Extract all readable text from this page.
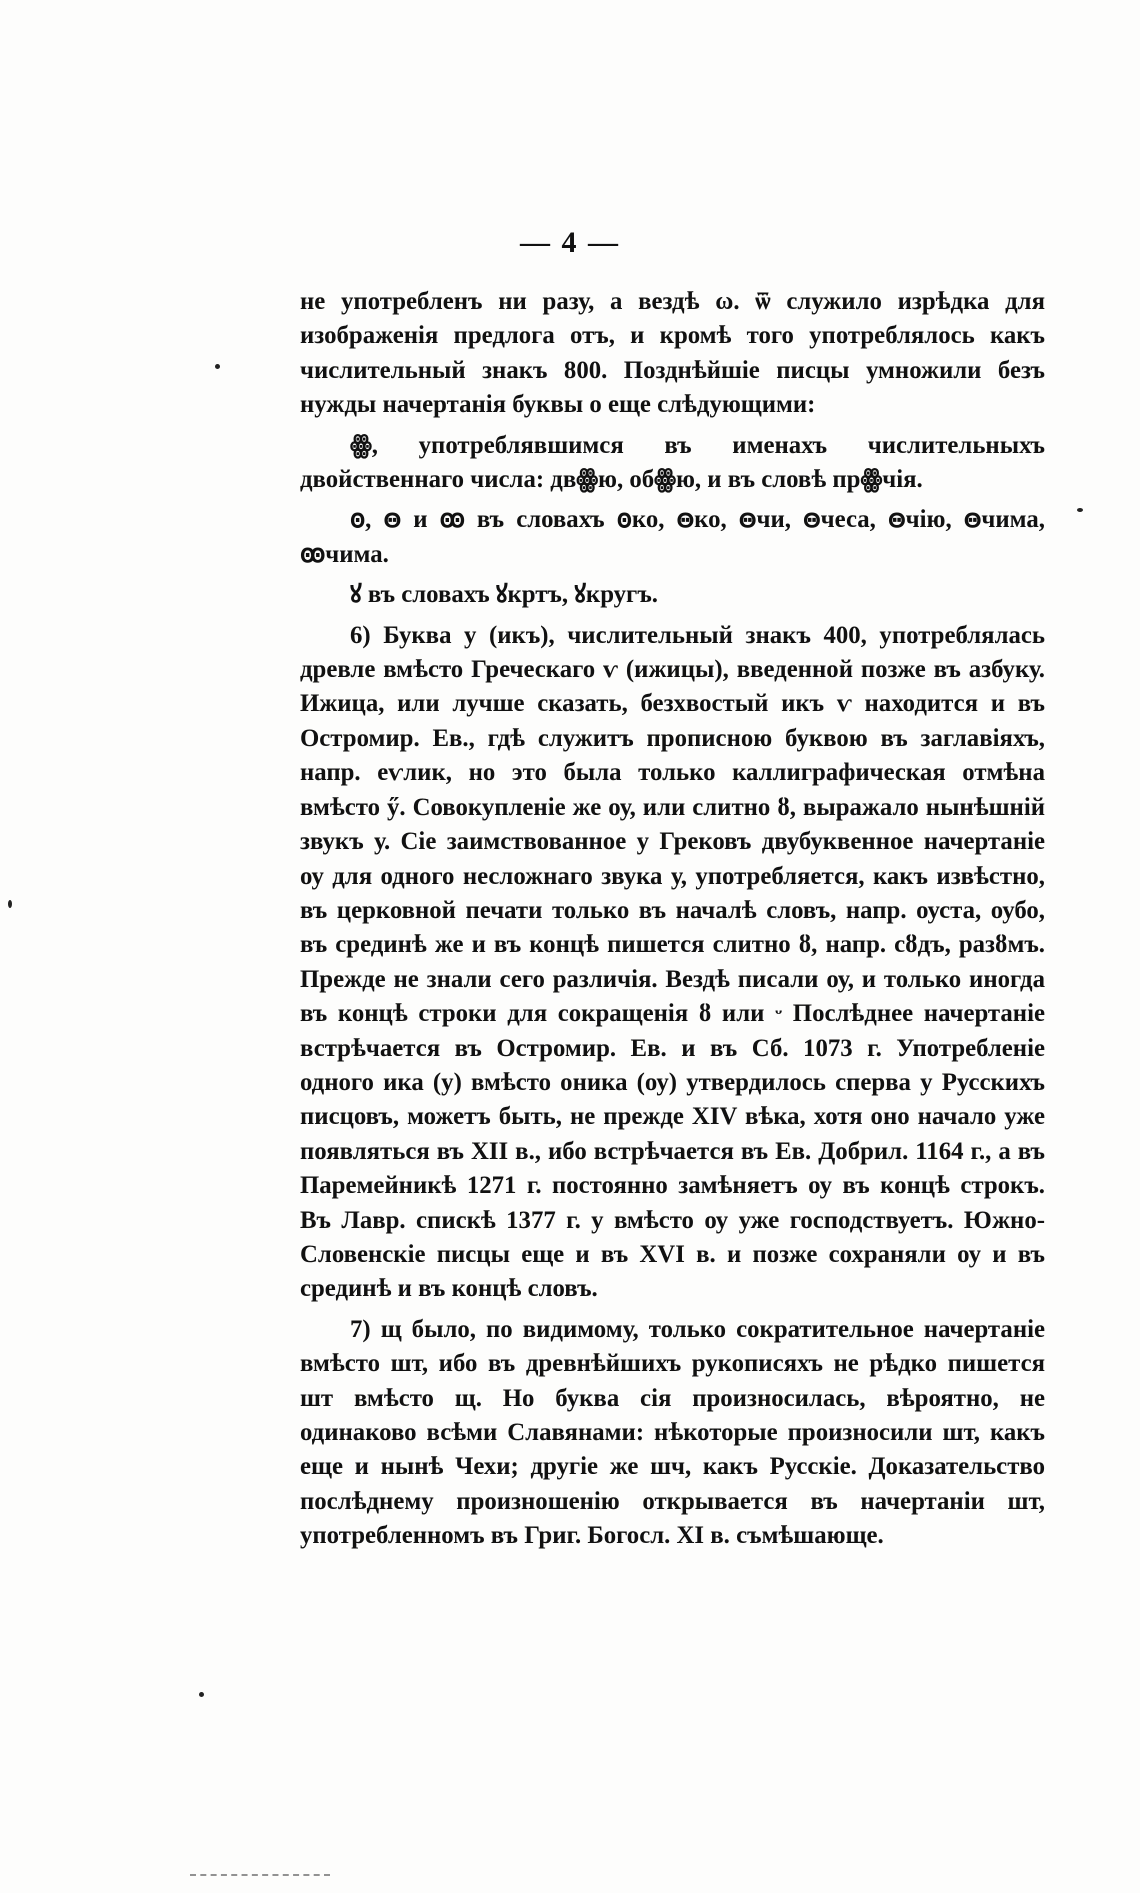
— 4 —

не употребленъ ни разу, а вездѣ ω. ѿ служило изрѣдка для изображенія предлога отъ, и кромѣ того употреблялось какъ числительный знакъ 800. Позднѣйшіе писцы умножили безъ нужды начертанія буквы о еще слѣдующими:

ꙮ, употреблявшимся въ именахъ числительныхъ двойственнаго числа: двꙮю, обꙮю, и въ словѣ прꙮчія.

ꙩ, ꙫ и ꙭ въ словахъ ꙩко, ꙫко, ꙫчи, ꙫчеса, ꙫчію, ꙫчима, ꙭчима.

ꙋ въ словахъ ꙋкртъ, ꙋкругъ.

6) Буква у (икъ), числительный знакъ 400, употреблялась древле вмѣсто Греческаго ѵ (ижицы), введенной позже въ азбуку. Ижица, или лучше сказать, безхвостый икъ ѵ находится и въ Остромир. Ев., гдѣ служитъ прописною буквою въ заглавіяхъ, напр. еѵлик, но это была только каллиграфическая отмѣна вмѣсто ӳ. Совокупленіе же оу, или слитно ȣ, выражало нынѣшній звукъ у. Сіе заимствованное у Грековъ двубуквенное начертаніе оу для одного несложнаго звука у, употребляется, какъ извѣстно, въ церковной печати только въ началѣ словъ, напр. оуста, оубо, въ срединѣ же и въ концѣ пишется слитно ȣ, напр. сȣдъ, разȣмъ. Прежде не знали сего различія. Вездѣ писали оу, и только иногда въ концѣ строки для сокращенія ȣ или ᵕ Послѣднее начертаніе встрѣчается въ Остромир. Ев. и въ Сб. 1073 г. Употребленіе одного ика (у) вмѣсто оника (оу) утвердилось сперва у Русскихъ писцовъ, можетъ быть, не прежде XIV вѣка, хотя оно начало уже появляться въ XII в., ибо встрѣчается въ Ев. Добрил. 1164 г., а въ Паремейникѣ 1271 г. постоянно замѣняетъ оу въ концѣ строкъ. Въ Лавр. спискѣ 1377 г. у вмѣсто оу уже господствуетъ. Южно-Словенскіе писцы еще и въ XVI в. и позже сохраняли оу и въ срединѣ и въ концѣ словъ.

7) щ было, по видимому, только сократительное начертаніе вмѣсто шт, ибо въ древнѣйшихъ рукописяхъ не рѣдко пишется шт вмѣсто щ. Но буква сія произносилась, вѣроятно, не одинаково всѣми Славянами: нѣкоторые произносили шт, какъ еще и нынѣ Чехи; другіе же шч, какъ Русскіе. Доказательство послѣднему произношенію открывается въ начертаніи шт, употребленномъ въ Григ. Богосл. XI в. съмѣшающе.
